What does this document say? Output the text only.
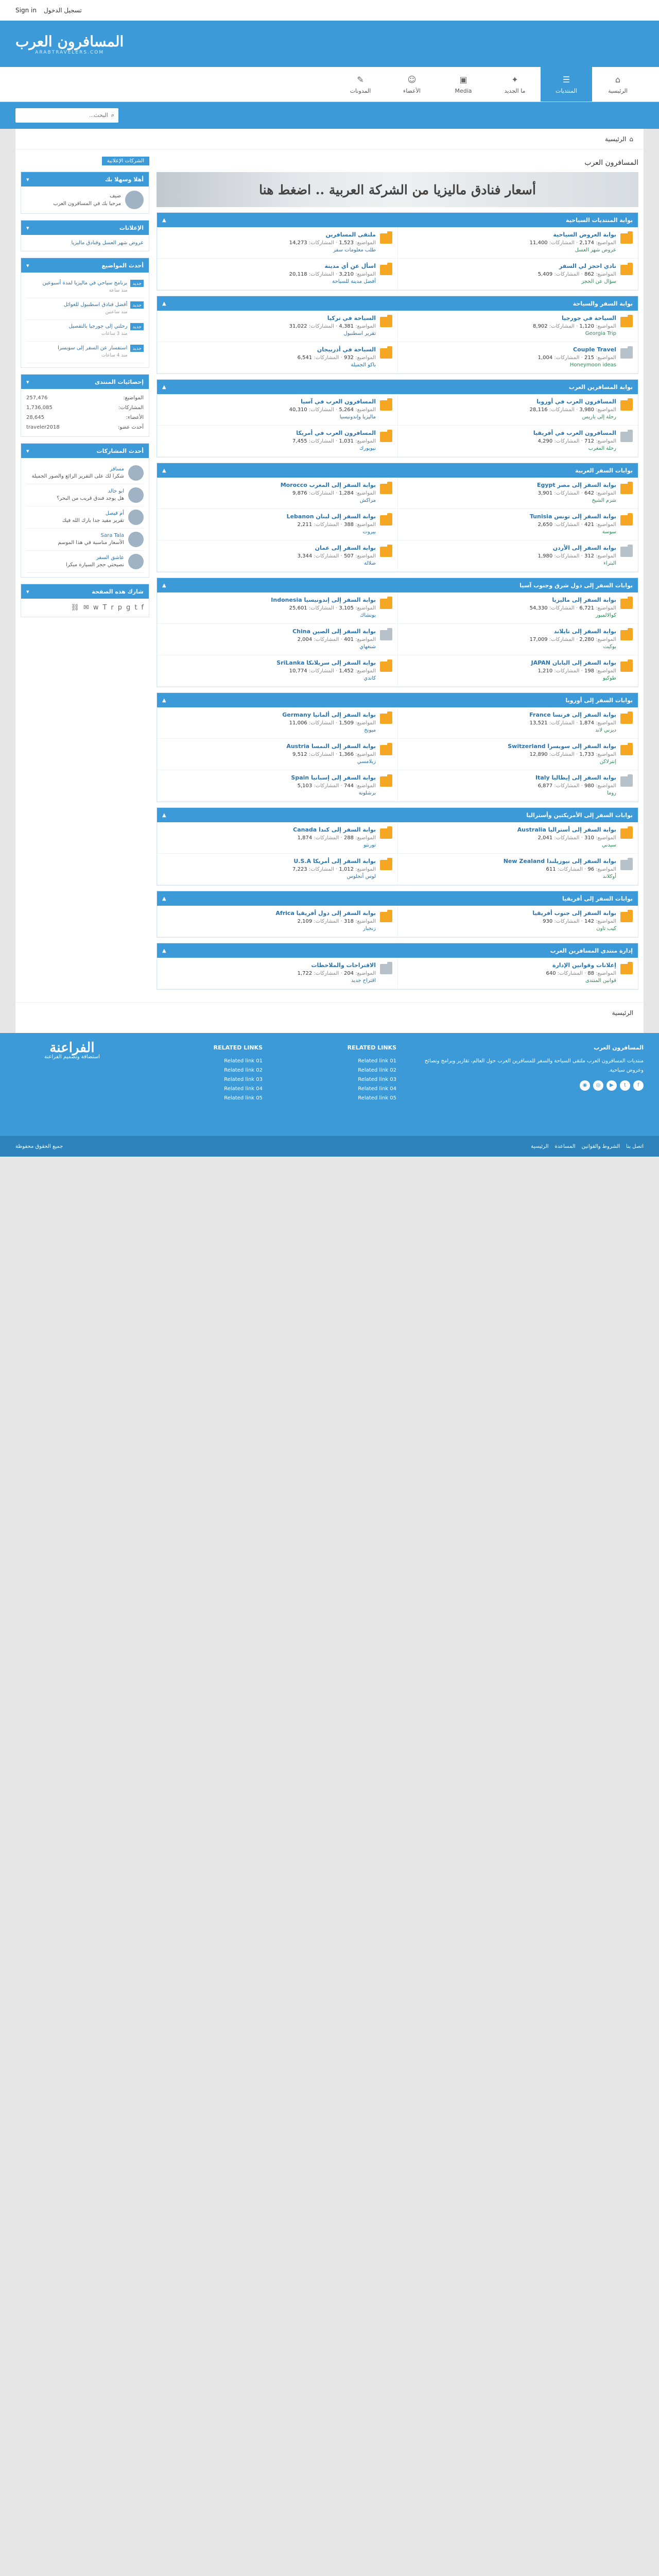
Sign in تسجيل الدخول
المسافرون العرب
ARABTRAVELERS.COM
⌂
الرئيسية
☰
المنتديات
✦
ما الجديد
▣
Media
☺
الأعضاء
✎
المدونات
⌕
البحث...
⌂
الرئيسية
المسافرون العرب
أسعار فنادق ماليزيا من الشركة العربية .. اضغط هنا
بوابة المنتديات السياحية
▲
بوابة العروض السياحية
المواضيع: 2,174 · المشاركات: 11,400
عروض شهر العسل
ملتقى المسافرين
المواضيع: 1,523 · المشاركات: 14,273
طلب معلومات سفر
نادي احجز لي السفر
المواضيع: 862 · المشاركات: 5,409
سؤال عن الحجز
اسأل عن أي مدينة
المواضيع: 3,210 · المشاركات: 20,118
أفضل مدينة للسياحة
بوابة السفر والسياحة
▲
السياحة في جورجيا
المواضيع: 1,120 · المشاركات: 8,902
Georgia Trip
السياحة في تركيا
المواضيع: 4,381 · المشاركات: 31,022
تقرير اسطنبول
Couple Travel
المواضيع: 215 · المشاركات: 1,004
Honeymoon ideas
السياحة في أذربيجان
المواضيع: 932 · المشاركات: 6,541
باكو الجميلة
بوابة المسافرين العرب
▲
المسافرون العرب في أوروبا
المواضيع: 3,980 · المشاركات: 28,116
رحلة إلى باريس
المسافرون العرب في آسيا
المواضيع: 5,264 · المشاركات: 40,310
ماليزيا وإندونيسيا
المسافرون العرب في أفريقيا
المواضيع: 712 · المشاركات: 4,290
رحلة المغرب
المسافرون العرب في أمريكا
المواضيع: 1,031 · المشاركات: 7,455
نيويورك
بوابات السفر العربية
▲
بوابة السفر إلى مصر Egypt
المواضيع: 642 · المشاركات: 3,901
شرم الشيخ
بوابة السفر إلى المغرب Morocco
المواضيع: 1,284 · المشاركات: 9,876
مراكش
بوابة السفر إلى تونس Tunisia
المواضيع: 421 · المشاركات: 2,650
سوسة
بوابة السفر إلى لبنان Lebanon
المواضيع: 388 · المشاركات: 2,211
بيروت
بوابة السفر إلى الأردن
المواضيع: 312 · المشاركات: 1,980
البتراء
بوابة السفر إلى عمان
المواضيع: 507 · المشاركات: 3,344
صلالة
بوابات السفر إلى دول شرق وجنوب آسيا
▲
بوابة السفر إلى ماليزيا
المواضيع: 6,721 · المشاركات: 54,330
كوالالمبور
بوابة السفر إلى إندونيسيا Indonesia
المواضيع: 3,105 · المشاركات: 25,601
بونشاك
بوابة السفر إلى تايلاند
المواضيع: 2,280 · المشاركات: 17,009
بوكيت
بوابة السفر إلى الصين China
المواضيع: 401 · المشاركات: 2,004
شنغهاي
بوابة السفر إلى اليابان JAPAN
المواضيع: 198 · المشاركات: 1,210
طوكيو
بوابة السفر إلى سريلانكا SriLanka
المواضيع: 1,452 · المشاركات: 10,774
كاندي
بوابات السفر إلى أوروبا
▲
بوابة السفر إلى فرنسا France
المواضيع: 1,874 · المشاركات: 13,521
ديزني لاند
بوابة السفر إلى ألمانيا Germany
المواضيع: 1,509 · المشاركات: 11,006
ميونخ
بوابة السفر إلى سويسرا Switzerland
المواضيع: 1,733 · المشاركات: 12,890
إنترلاكن
بوابة السفر إلى النمسا Austria
المواضيع: 1,366 · المشاركات: 9,512
زيلامسي
بوابة السفر إلى إيطاليا Italy
المواضيع: 980 · المشاركات: 6,877
روما
بوابة السفر إلى إسبانيا Spain
المواضيع: 744 · المشاركات: 5,103
برشلونة
بوابات السفر إلى الأمريكتين وأستراليا
▲
بوابة السفر إلى أستراليا Australia
المواضيع: 310 · المشاركات: 2,041
سيدني
بوابة السفر إلى كندا Canada
المواضيع: 288 · المشاركات: 1,874
تورنتو
بوابة السفر إلى نيوزيلندا New Zealand
المواضيع: 96 · المشاركات: 611
أوكلاند
بوابة السفر إلى أمريكا U.S.A
المواضيع: 1,012 · المشاركات: 7,223
لوس أنجلوس
بوابات السفر إلى أفريقيا
▲
بوابة السفر إلى جنوب أفريقيا
المواضيع: 142 · المشاركات: 930
كيب تاون
بوابة السفر إلى دول أفريقيا Africa
المواضيع: 318 · المشاركات: 2,109
زنجبار
إدارة منتدى المسافرين العرب
▲
إعلانات وقوانين الإدارة
المواضيع: 88 · المشاركات: 640
قوانين المنتدى
الاقتراحات والملاحظات
المواضيع: 204 · المشاركات: 1,722
اقتراح جديد
الشركات الإعلانية
أهلا وسهلا بك
▾
ضيف
مرحبا بك في المسافرون العرب
الإعلانات
▾
عروض شهر العسل وفنادق ماليزيا
أحدث المواضيع
▾
جديد
برنامج سياحي في ماليزيا لمدة أسبوعين
منذ ساعة
جديد
أفضل فنادق اسطنبول للعوائل
منذ ساعتين
جديد
رحلتي إلى جورجيا بالتفصيل
منذ 3 ساعات
جديد
استفسار عن السفر إلى سويسرا
منذ 4 ساعات
إحصائيات المنتدى
▾
المواضيع:
257,476
المشاركات:
1,736,085
الأعضاء:
28,645
أحدث عضو:
traveler2018
أحدث المشاركات
▾
مسافر
شكرا لك على التقرير الرائع والصور الجميلة
ابو خالد
هل يوجد فندق قريب من البحر؟
أم فيصل
تقرير مفيد جدا بارك الله فيك
Sara Tala
الأسعار مناسبة في هذا الموسم
عاشق السفر
نصيحتي حجز السيارة مبكرا
شارك هذه الصفحة
▾
f
t
g
p
r
T
w
✉
⛓
الرئيسية
المسافرون العرب
منتديات المسافرون العرب ملتقى السياحة والسفر للمسافرين العرب حول العالم، تقارير وبرامج ونصائح وعروض سياحية.
f
t
▶
◎
◉
RELATED LINKS
Related link 01
Related link 02
Related link 03
Related link 04
Related link 05
RELATED LINKS
Related link 01
Related link 02
Related link 03
Related link 04
Related link 05
الفراعنة
استضافة وتصميم الفراعنة
اتصل بنا
الشروط والقوانين
المساعدة
الرئيسية
جميع الحقوق محفوظة
